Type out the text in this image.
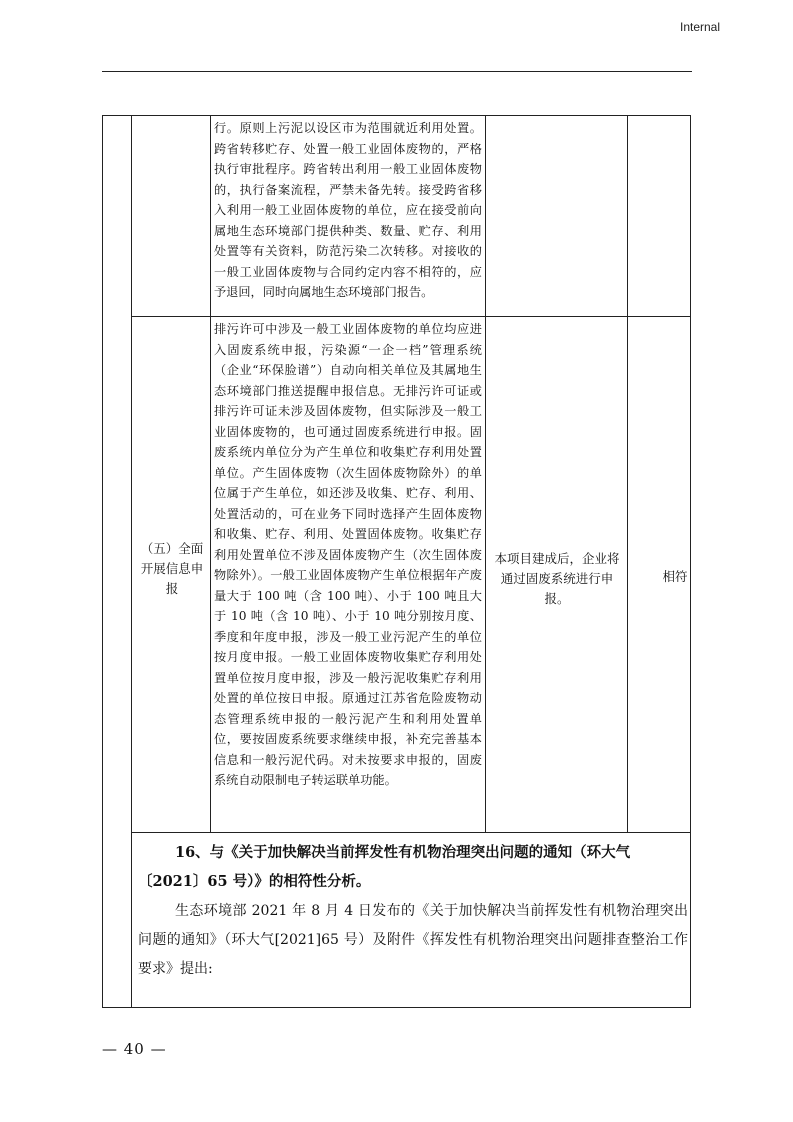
Internal
行。原则上污泥以设区市为范围就近利用处置。跨省转移贮存、处置一般工业固体废物的，严格执行审批程序。跨省转出利用一般工业固体废物的，执行备案流程，严禁未备先转。接受跨省移入利用一般工业固体废物的单位，应在接受前向属地生态环境部门提供种类、数量、贮存、利用处置等有关资料，防范污染二次转移。对接收的一般工业固体废物与合同约定内容不相符的，应予退回，同时向属地生态环境部门报告。
（五）全面开展信息申报
排污许可中涉及一般工业固体废物的单位均应进入固废系统申报，污染源“一企一档”管理系统（企业“环保脸谱”）自动向相关单位及其属地生态环境部门推送提醒申报信息。无排污许可证或排污许可证未涉及固体废物，但实际涉及一般工业固体废物的，也可通过固废系统进行申报。固废系统内单位分为产生单位和收集贮存利用处置单位。产生固体废物（次生固体废物除外）的单位属于产生单位，如还涉及收集、贮存、利用、处置活动的，可在业务下同时选择产生固体废物和收集、贮存、利用、处置固体废物。收集贮存利用处置单位不涉及固体废物产生（次生固体废物除外）。一般工业固体废物产生单位根据年产废量大于 100 吨（含 100 吨）、小于 100 吨且大于 10 吨（含 10 吨）、小于 10 吨分别按月度、季度和年度申报，涉及一般工业污泥产生的单位按月度申报。一般工业固体废物收集贮存利用处置单位按月度申报，涉及一般污泥收集贮存利用处置的单位按日申报。原通过江苏省危险废物动态管理系统申报的一般污泥产生和利用处置单位，要按固废系统要求继续申报，补充完善基本信息和一般污泥代码。对未按要求申报的，固废系统自动限制电子转运联单功能。
本项目建成后，企业将通过固废系统进行申报。
相符
16、与《关于加快解决当前挥发性有机物治理突出问题的通知（环大气〔2021〕65 号）》的相符性分析。
生态环境部 2021 年 8 月 4 日发布的《关于加快解决当前挥发性有机物治理突出问题的通知》（环大气[2021]65 号）及附件《挥发性有机物治理突出问题排查整治工作要求》提出:
— 40 —
